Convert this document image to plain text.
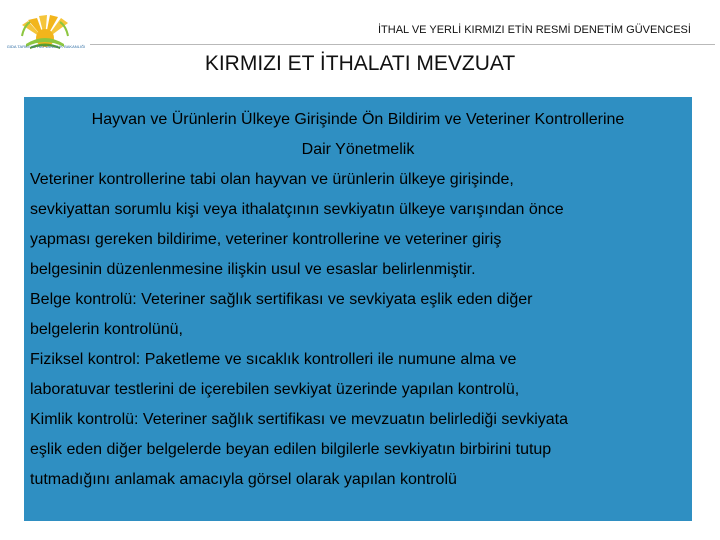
GIDA TARIM VE HAYVANCILIK BAKANLIĞI
İTHAL VE YERLİ KIRMIZI ETİN RESMİ DENETİM GÜVENCESİ
KIRMIZI ET İTHALATI MEVZUAT
Hayvan ve Ürünlerin Ülkeye Girişinde Ön Bildirim ve Veteriner Kontrollerine
Dair Yönetmelik
Veteriner kontrollerine tabi olan hayvan ve ürünlerin ülkeye girişinde,
sevkiyattan sorumlu kişi veya ithalatçının sevkiyatın ülkeye varışından önce
yapması gereken bildirime, veteriner kontrollerine ve veteriner giriş
belgesinin düzenlenmesine ilişkin usul ve esaslar belirlenmiştir.
Belge kontrolü: Veteriner sağlık sertifikası ve sevkiyata eşlik eden diğer
belgelerin kontrolünü,
Fiziksel kontrol: Paketleme ve sıcaklık kontrolleri ile numune alma ve
laboratuvar testlerini de içerebilen sevkiyat üzerinde yapılan kontrolü,
Kimlik kontrolü: Veteriner sağlık sertifikası ve mevzuatın belirlediği sevkiyata
eşlik eden diğer belgelerde beyan edilen bilgilerle sevkiyatın birbirini tutup
tutmadığını anlamak amacıyla görsel olarak yapılan kontrolü
